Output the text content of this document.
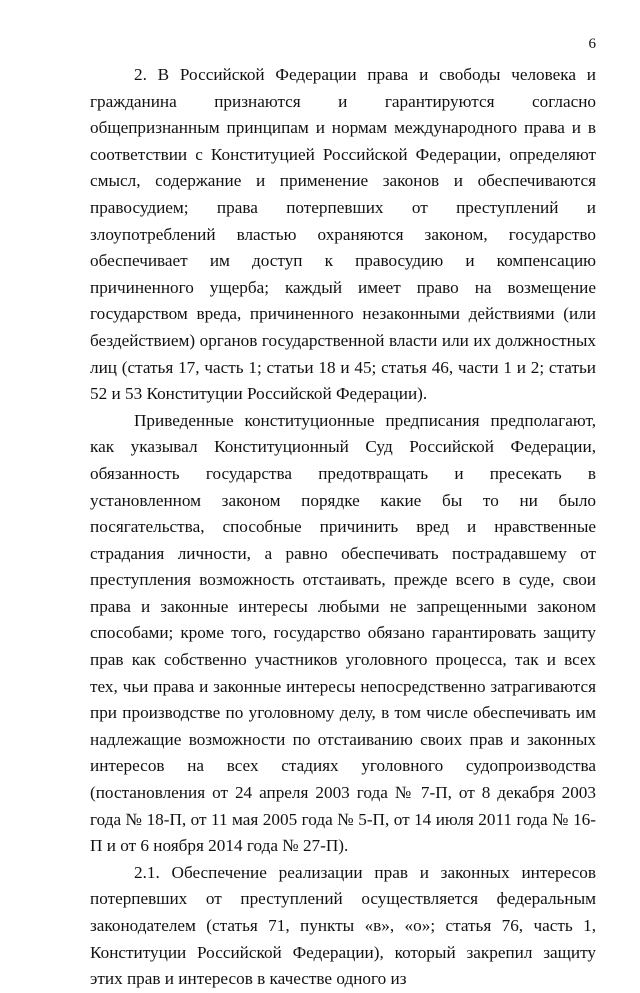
6

2. В Российской Федерации права и свободы человека и гражданина признаются и гарантируются согласно общепризнанным принципам и нормам международного права и в соответствии с Конституцией Российской Федерации, определяют смысл, содержание и применение законов и обеспечиваются правосудием; права потерпевших от преступлений и злоупотреблений властью охраняются законом, государство обеспечивает им доступ к правосудию и компенсацию причиненного ущерба; каждый имеет право на возмещение государством вреда, причиненного незаконными действиями (или бездействием) органов государственной власти или их должностных лиц (статья 17, часть 1; статьи 18 и 45; статья 46, части 1 и 2; статьи 52 и 53 Конституции Российской Федерации).

Приведенные конституционные предписания предполагают, как указывал Конституционный Суд Российской Федерации, обязанность государства предотвращать и пресекать в установленном законом порядке какие бы то ни было посягательства, способные причинить вред и нравственные страдания личности, а равно обеспечивать пострадавшему от преступления возможность отстаивать, прежде всего в суде, свои права и законные интересы любыми не запрещенными законом способами; кроме того, государство обязано гарантировать защиту прав как собственно участников уголовного процесса, так и всех тех, чьи права и законные интересы непосредственно затрагиваются при производстве по уголовному делу, в том числе обеспечивать им надлежащие возможности по отстаиванию своих прав и законных интересов на всех стадиях уголовного судопроизводства (постановления от 24 апреля 2003 года № 7-П, от 8 декабря 2003 года № 18-П, от 11 мая 2005 года № 5-П, от 14 июля 2011 года № 16-П и от 6 ноября 2014 года № 27-П).

2.1. Обеспечение реализации прав и законных интересов потерпевших от преступлений осуществляется федеральным законодателем (статья 71, пункты «в», «о»; статья 76, часть 1, Конституции Российской Федерации), который закрепил защиту этих прав и интересов в качестве одного из
